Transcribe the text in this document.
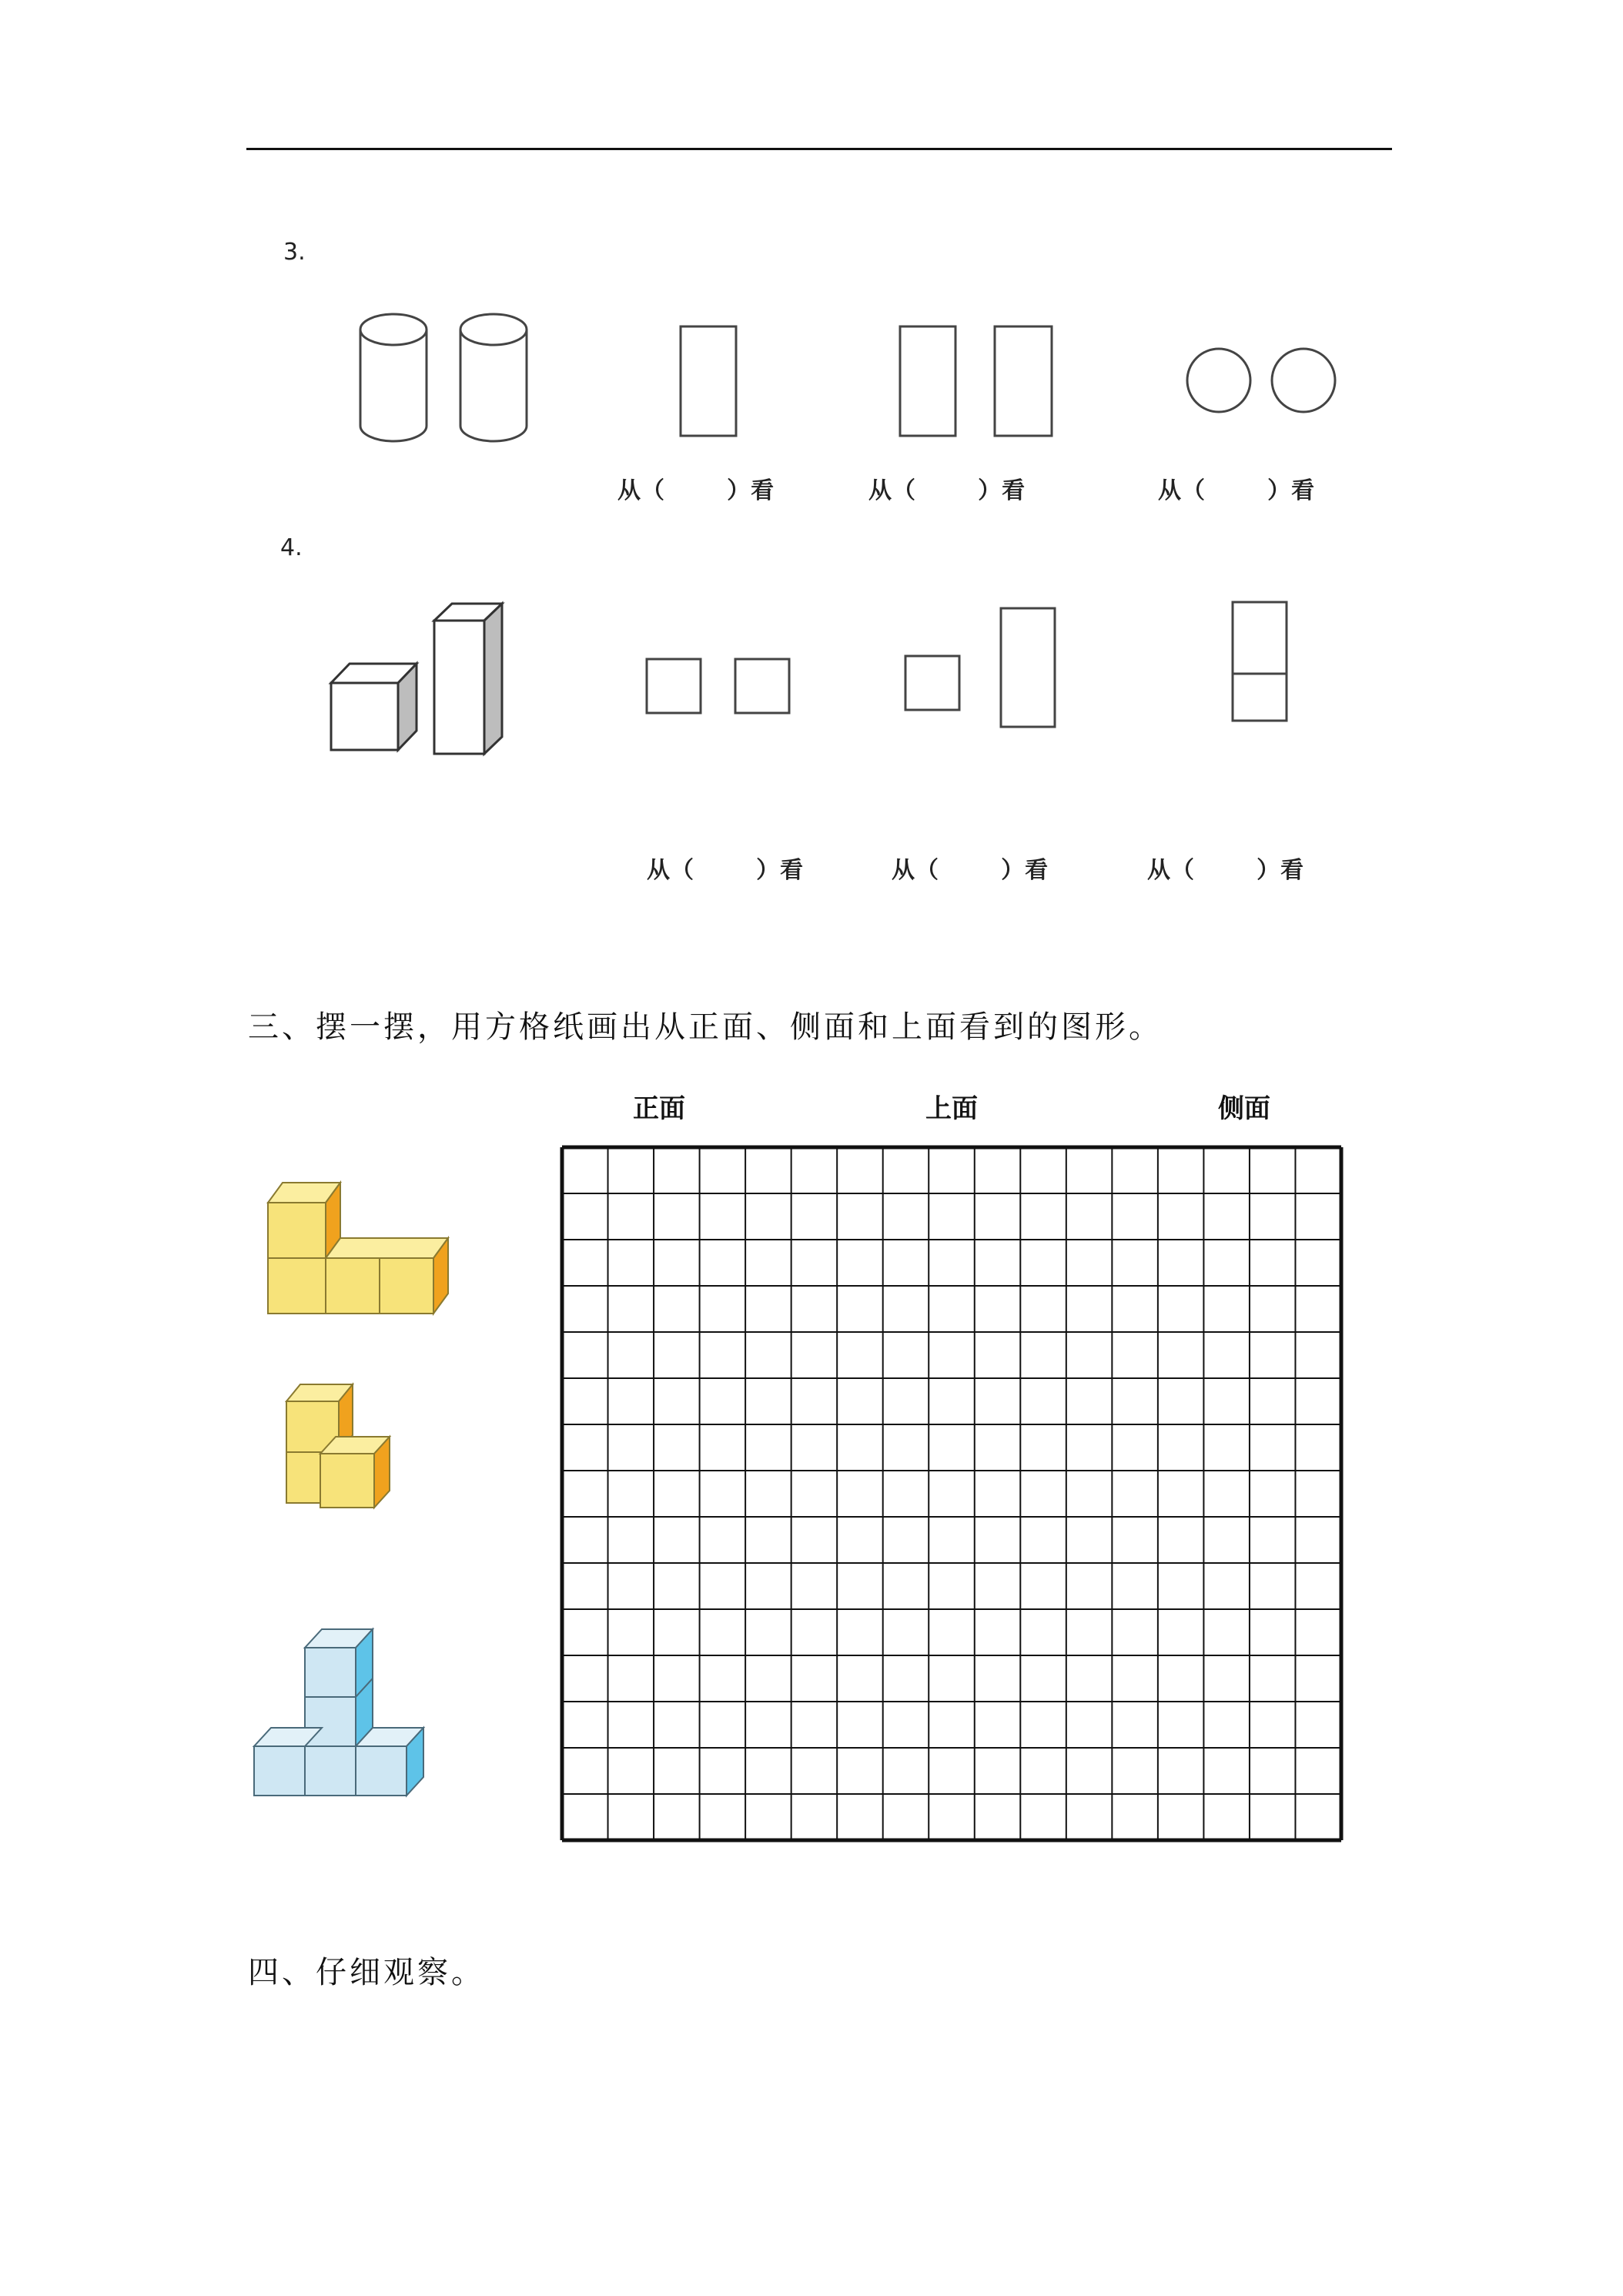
3.
从（       ）看	从（       ）看	从（       ）看
4.
从（       ）看	从（       ）看	从（       ）看
三、摆一摆，用方格纸画出从正面、侧面和上面看到的图形。
正面	上面	侧面
四、仔细观察。
